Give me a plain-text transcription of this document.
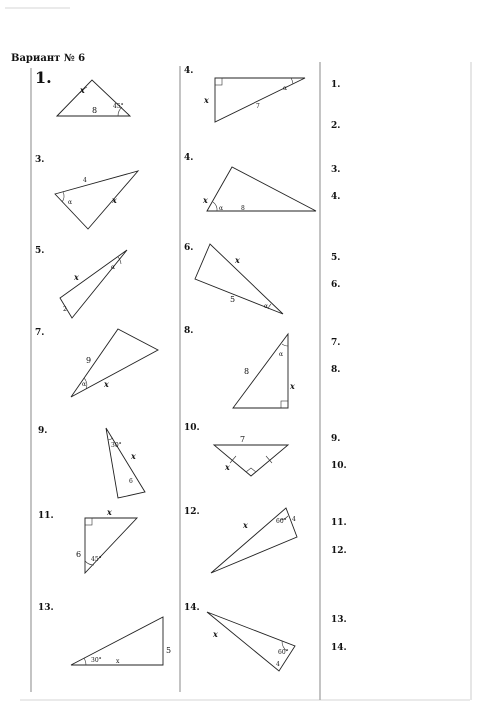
Вариант № 6
1.
x
8	45°
4.
x
7
α
3.
4
α	x
4.
x
α	8
5.
x
α
2
6.
x
5
α
7.
9
α x
8.
α
8
x
9.
30°
x
6
10.
7
x
11.	x
6
45°
12.
x	60° 4
13.
30° x
5
14.
x
60°
4
1.
2.
3.
4.
5.
6.
7.
8.
9.
10.
11.
12.
13.
14.
